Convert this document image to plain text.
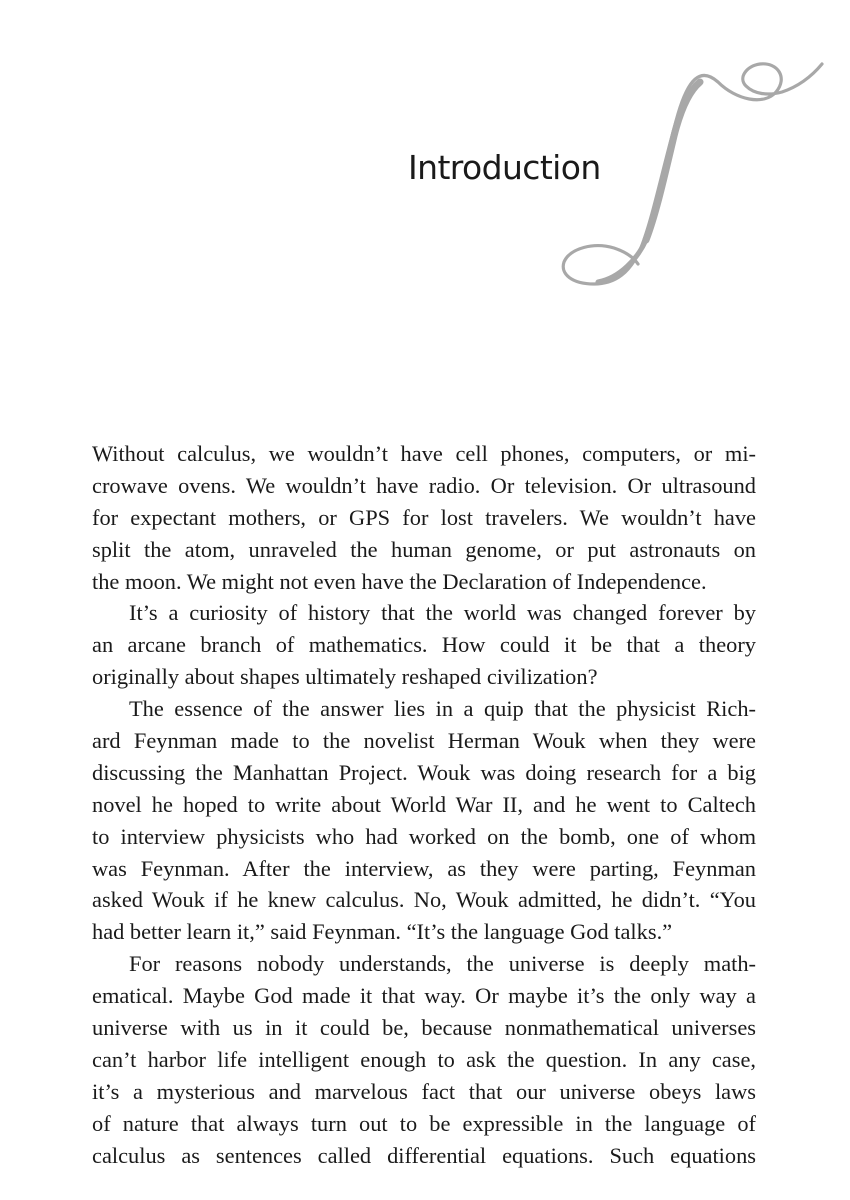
Introduction
Without calculus, we wouldn’t have cell phones, computers, or mi-
crowave ovens. We wouldn’t have radio. Or television. Or ultrasound
for expectant mothers, or GPS for lost travelers. We wouldn’t have
split the atom, unraveled the human genome, or put astronauts on
the moon. We might not even have the Declaration of Independence.
It’s a curiosity of history that the world was changed forever by
an arcane branch of mathematics. How could it be that a theory
originally about shapes ultimately reshaped civilization?
The essence of the answer lies in a quip that the physicist Rich-
ard Feynman made to the novelist Herman Wouk when they were
discussing the Manhattan Project. Wouk was doing research for a big
novel he hoped to write about World War II, and he went to Caltech
to interview physicists who had worked on the bomb, one of whom
was Feynman. After the interview, as they were parting, Feynman
asked Wouk if he knew calculus. No, Wouk admitted, he didn’t. “You
had better learn it,” said Feynman. “It’s the language God talks.”
For reasons nobody understands, the universe is deeply math-
ematical. Maybe God made it that way. Or maybe it’s the only way a
universe with us in it could be, because nonmathematical universes
can’t harbor life intelligent enough to ask the question. In any case,
it’s a mysterious and marvelous fact that our universe obeys laws
of nature that always turn out to be expressible in the language of
calculus as sentences called differential equations. Such equations
